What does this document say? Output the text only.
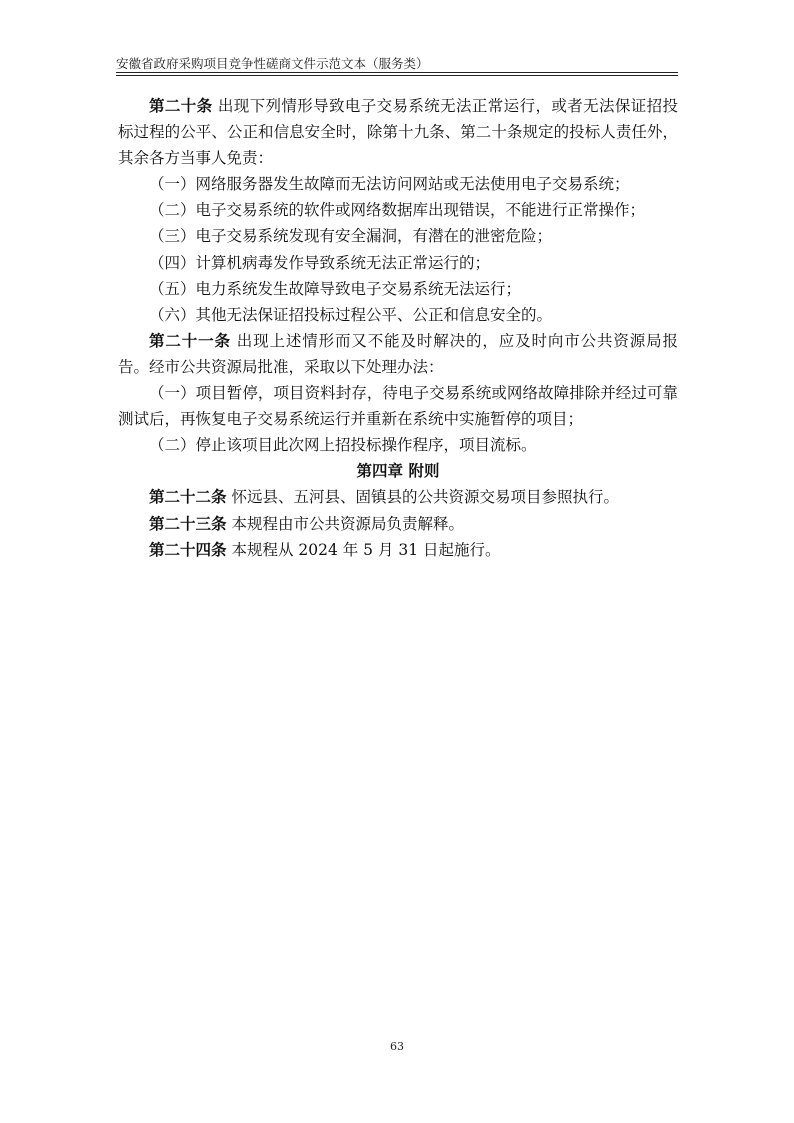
安徽省政府采购项目竞争性磋商文件示范文本（服务类）

第二十条 出现下列情形导致电子交易系统无法正常运行，或者无法保证招投标过程的公平、公正和信息安全时，除第十九条、第二十条规定的投标人责任外，其余各方当事人免责：

（一）网络服务器发生故障而无法访问网站或无法使用电子交易系统；

（二）电子交易系统的软件或网络数据库出现错误，不能进行正常操作；

（三）电子交易系统发现有安全漏洞，有潜在的泄密危险；

（四）计算机病毒发作导致系统无法正常运行的；

（五）电力系统发生故障导致电子交易系统无法运行；

（六）其他无法保证招投标过程公平、公正和信息安全的。

第二十一条 出现上述情形而又不能及时解决的，应及时向市公共资源局报告。经市公共资源局批准，采取以下处理办法：

（一）项目暂停，项目资料封存，待电子交易系统或网络故障排除并经过可靠测试后，再恢复电子交易系统运行并重新在系统中实施暂停的项目；

（二）停止该项目此次网上招投标操作程序，项目流标。

第四章 附则

第二十二条 怀远县、五河县、固镇县的公共资源交易项目参照执行。

第二十三条 本规程由市公共资源局负责解释。

第二十四条 本规程从 2024 年 5 月 31 日起施行。

63
